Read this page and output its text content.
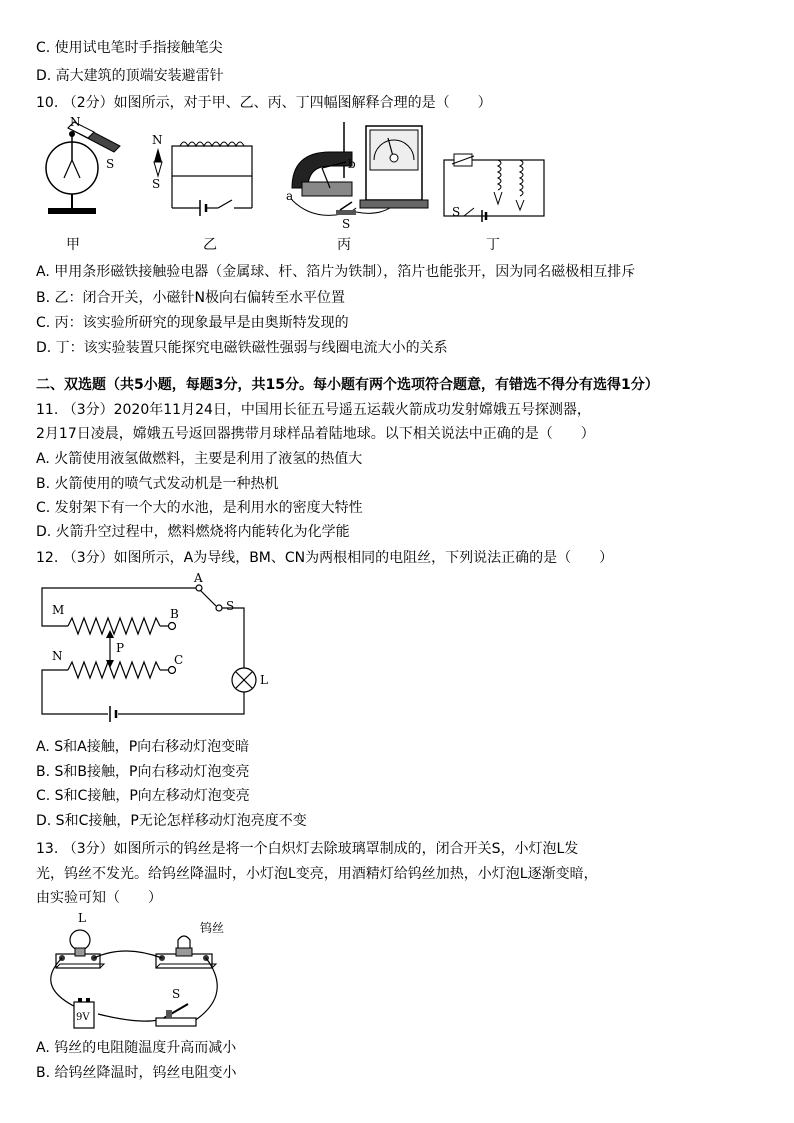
C. 使用试电笔时手指接触笔尖
D. 高大建筑的顶端安装避雷针
10. （2分）如图所示，对于甲、乙、丙、丁四幅图解释合理的是（　　）
N
S
N
S
a
b
S
S
甲	乙	丙	丁
A. 甲用条形磁铁接触验电器（金属球、杆、箔片为铁制），箔片也能张开，因为同名磁极相互排斥
B. 乙：闭合开关，小磁针N极向右偏转至水平位置
C. 丙：该实验所研究的现象最早是由奥斯特发现的
D. 丁：该实验装置只能探究电磁铁磁性强弱与线圈电流大小的关系
二、双选题（共5小题，每题3分，共15分。每小题有两个选项符合题意，有错选不得分有选得1分）
11. （3分）2020年11月24日，中国用长征五号遥五运载火箭成功发射嫦娥五号探测器，
2月17日凌晨，嫦娥五号返回器携带月球样品着陆地球。以下相关说法中正确的是（　　）
A. 火箭使用液氢做燃料，主要是利用了液氢的热值大
B. 火箭使用的喷气式发动机是一种热机
C. 发射架下有一个大的水池，是利用水的密度大特性
D. 火箭升空过程中，燃料燃烧将内能转化为化学能
12. （3分）如图所示，A为导线，BM、CN为两根相同的电阻丝，下列说法正确的是（　　）
A
S
M	B
P
N	C
L
A. S和A接触，P向右移动灯泡变暗
B. S和B接触，P向右移动灯泡变亮
C. S和C接触，P向左移动灯泡变亮
D. S和C接触，P无论怎样移动灯泡亮度不变
13. （3分）如图所示的钨丝是将一个白炽灯去除玻璃罩制成的，闭合开关S，小灯泡L发
光，钨丝不发光。给钨丝降温时，小灯泡L变亮，用酒精灯给钨丝加热，小灯泡L逐渐变暗，
由实验可知（　　）
L
钨丝
9V
S
A. 钨丝的电阻随温度升高而减小
B. 给钨丝降温时，钨丝电阻变小
